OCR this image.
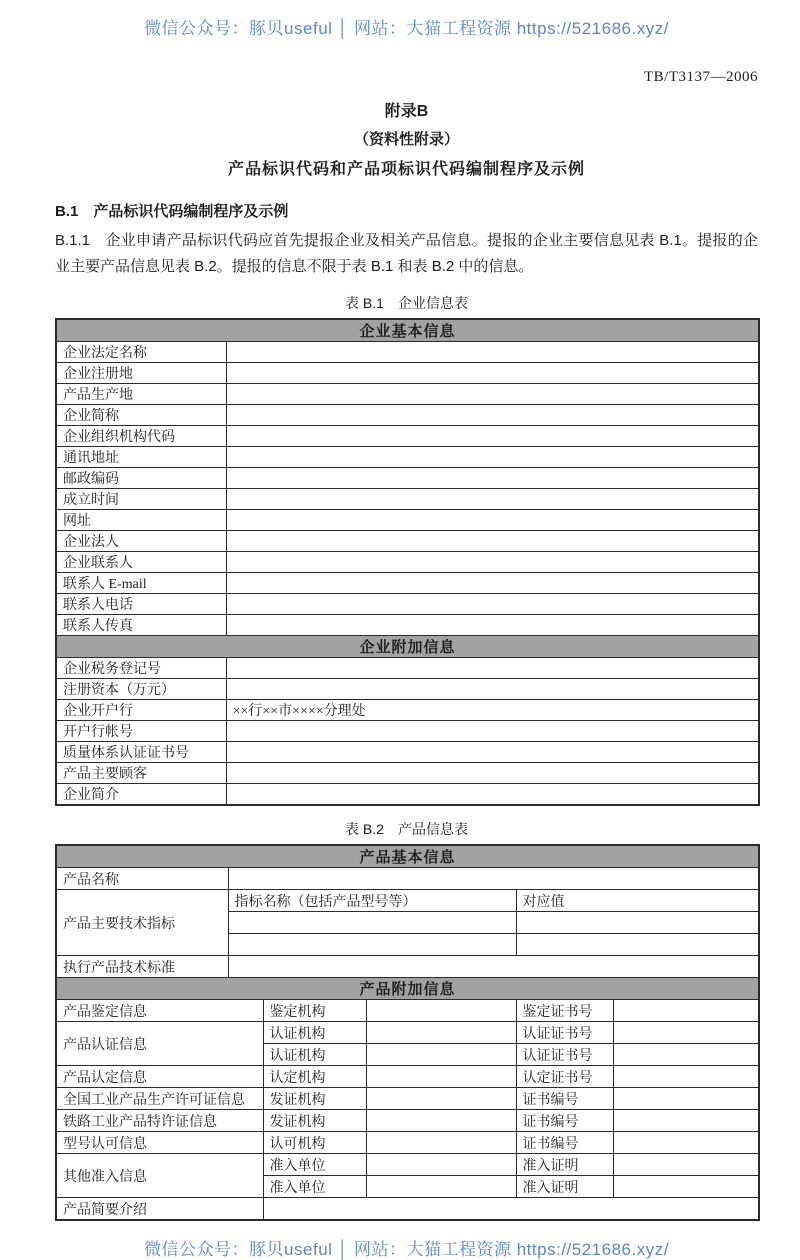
微信公众号：豚贝useful │ 网站：大猫工程资源 https://521686.xyz/
TB/T3137—2006
附录B
（资料性附录）
产品标识代码和产品项标识代码编制程序及示例
B.1　产品标识代码编制程序及示例

B.1.1　企业申请产品标识代码应首先提报企业及相关产品信息。提报的企业主要信息见表 B.1。提报的企业主要产品信息见表 B.2。提报的信息不限于表 B.1 和表 B.2 中的信息。

表 B.1　企业信息表
企业基本信息	
企业法定名称	
企业注册地	
产品生产地	
企业简称	
企业组织机构代码	
通讯地址	
邮政编码	
成立时间	
网址	
企业法人	
企业联系人	
联系人 E-mail	
联系人电话	
联系人传真	
企业附加信息	
企业税务登记号	
注册资本（万元）	
企业开户行	××行××市××××分理处
开户行帐号	
质量体系认证证书号	
产品主要顾客	
企业简介	
表 B.2　产品信息表
产品基本信息					
产品名称					
产品主要技术指标	指标名称（包括产品型号等）			对应值	

执行产品技术标准					
产品附加信息					
产品鉴定信息		鉴定机构		鉴定证书号	
产品认证信息		认证机构		认证证书号	
		认证机构		认证证书号	
产品认定信息		认定机构		认定证书号	
全国工业产品生产许可证信息		发证机构		证书编号	
铁路工业产品特许证信息		发证机构		证书编号	
型号认可信息		认可机构		证书编号	
其他准入信息		准入单位		准入证明	
		准入单位		准入证明	
产品简要介绍					
微信公众号：豚贝useful │ 网站：大猫工程资源 https://521686.xyz/
